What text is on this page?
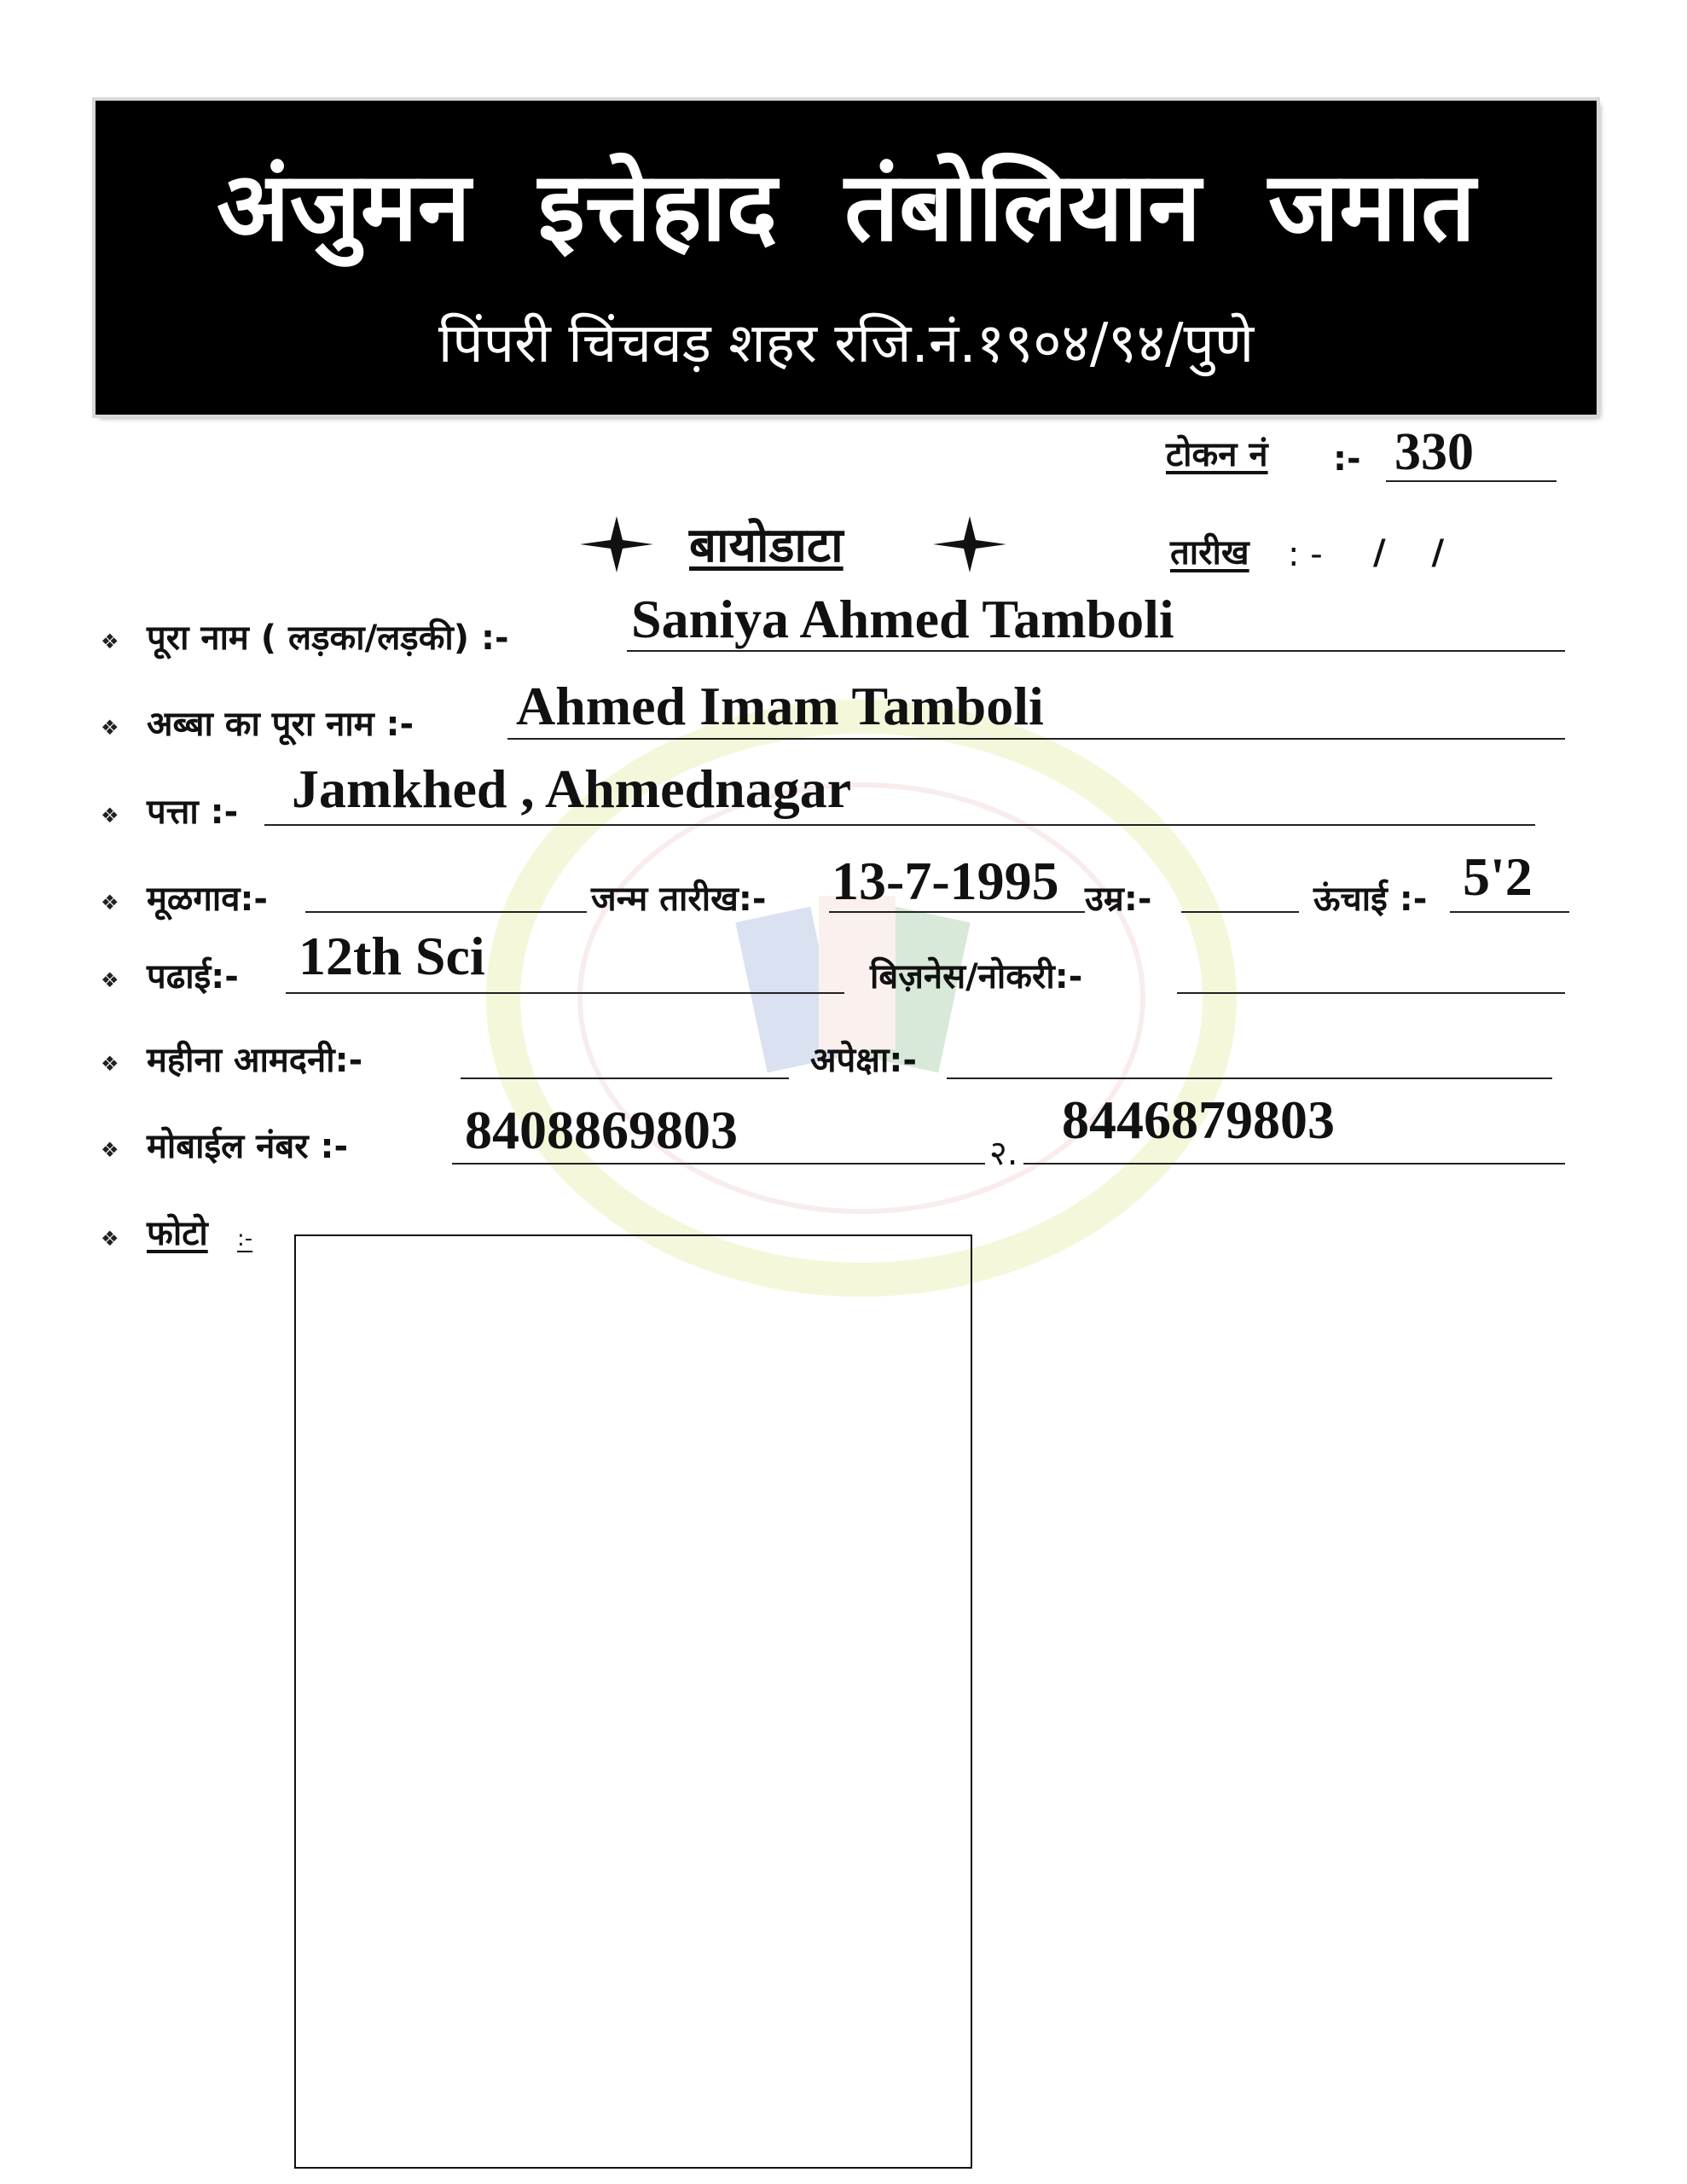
अंजुमन इत्तेहाद तंबोलियान जमात
पिंपरी चिंचवड़ शहर रजि.नं.१९०४/९४/पुणे
टोकन नं :- 330
बायोडाटा	तारीख : - / /
❖ पूरा नाम ( लड़का/लड़की) :- Saniya Ahmed Tamboli
❖ अब्बा का पूरा नाम :- Ahmed Imam Tamboli
❖ पत्ता :- Jamkhed , Ahmednagar
❖ मूळगाव:-	जन्म तारीख:- 13-7-1995 उम्र:-	ऊंचाई :- 5'2
❖ पढाई:- 12th Sci	बिज़नेस/नोकरी:-
❖ महीना आमदनी:-	अपेक्षा:-
❖ मोबाईल नंबर :- 8408869803	२.
8446879803
❖ फोटो :-
